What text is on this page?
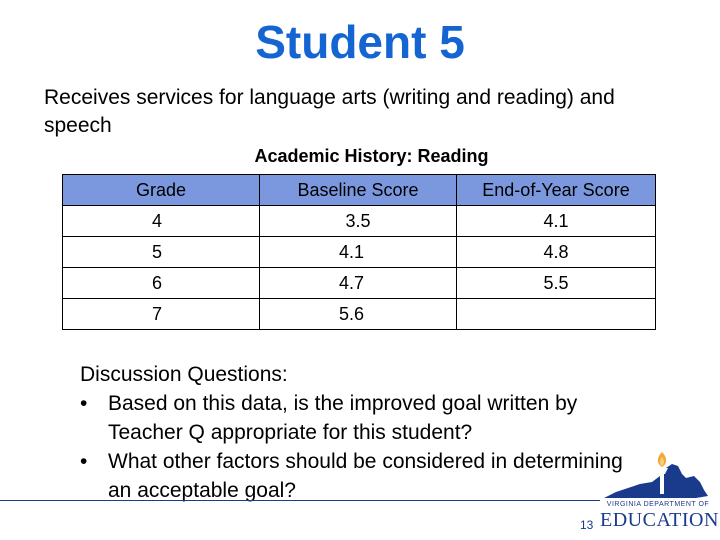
Student 5

Receives services for language arts (writing and reading) and speech

Academic History: Reading
Grade	Baseline Score	End-of-Year Score
4	3.5	4.1
5	4.1	4.8
6	4.7	5.5
7	5.6	
Discussion Questions:
• Based on this data, is the improved goal written by Teacher Q appropriate for this student?
• What other factors should be considered in determining an acceptable goal?
13
VIRGINIA DEPARTMENT OF
EDUCATION
